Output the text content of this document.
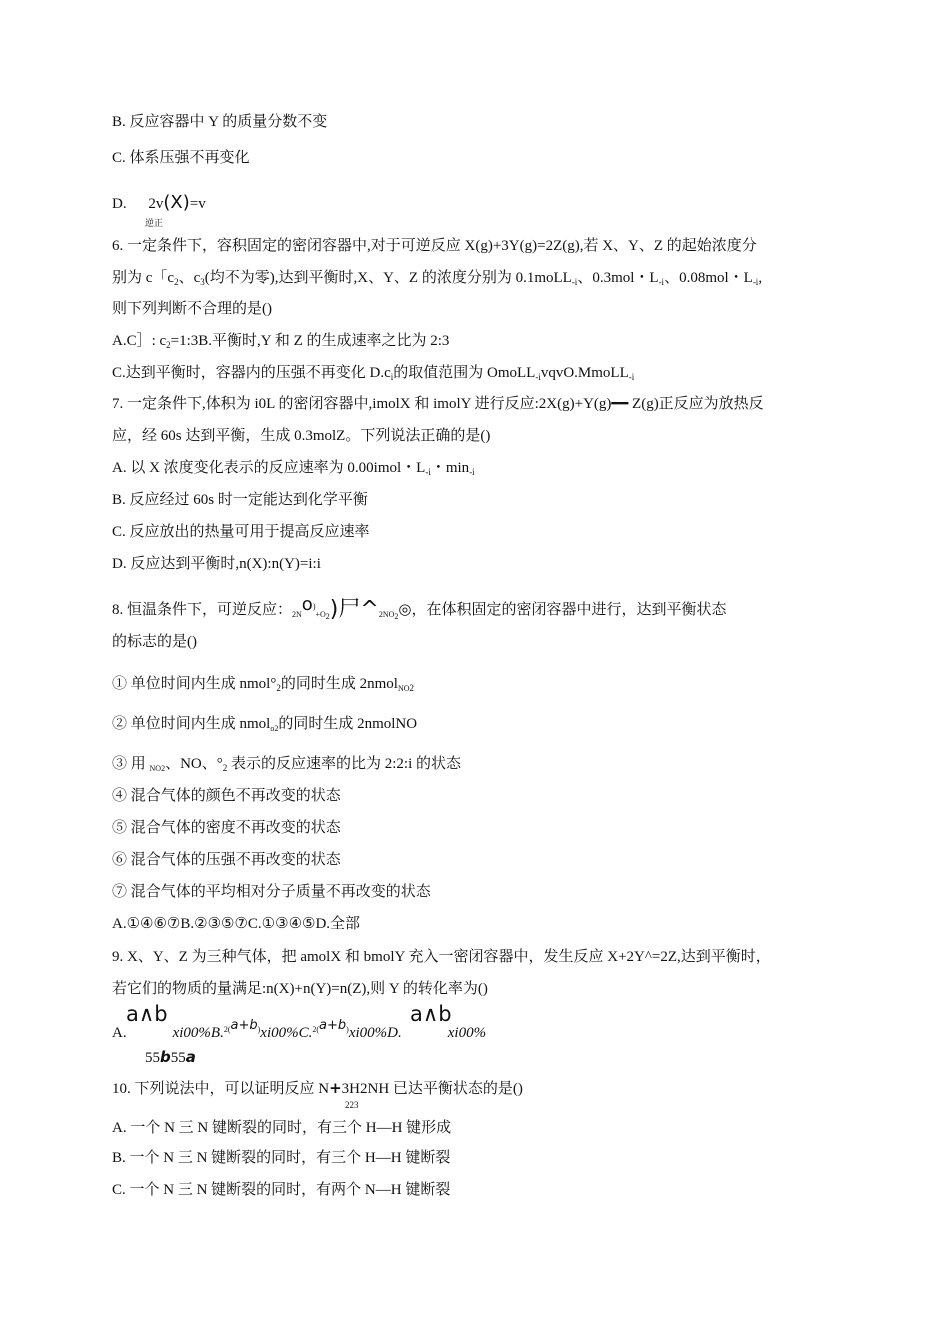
B. 反应容器中 Y 的质量分数不变
C. 体系压强不再变化
D. 2v(X)=v
逆正
6. 一定条件下，容积固定的密闭容器中,对于可逆反应 X(g)+3Y(g)=2Z(g),若 X、Y、Z 的起始浓度分
别为 c「$c_2$、$c_3$(均不为零),达到平衡时,X、Y、Z 的浓度分别为 0.1moLL$_{-i}$、0.3mol・$L_{-i}$、0.08mol・$L_{-i}$,
则下列判断不合理的是()
A.C］: $c_2=1:3B$.平衡时,Y 和 Z 的生成速率之比为 2:3
C.达到平衡时，容器内的压强不再变化 $D.c_i$的取值范围为 OmoLL$_{-i}$vqvO.MmoLL$_{-i}$
7. 一定条件下,体积为 i0L 的密闭容器中,imolX 和 imolY 进行反应:2X(g)+Y(g)━━ Z(g)正反应为放热反
应，经 60s 达到平衡，生成 0.3molZ。下列说法正确的是()
A. 以 X 浓度变化表示的反应速率为 0.00imol・$L_{-i}$・$\min_{-i}$
B. 反应经过 60s 时一定能达到化学平衡
C. 反应放出的热量可用于提高反应速率
D. 反应达到平衡时,n(X):n(Y)=i:i
8. 恒温条件下，可逆反应：$_{2N}o^)_{+O2}$)尸$\^{}_{2NO2}◎$，在体积固定的密闭容器中进行，达到平衡状态
的标志的是()
① 单位时间内生成 $nmol^\circ_2$的同时生成 2nmol$_{NO2}$
② 单位时间内生成 nmol$_{o2}$的同时生成 2nmolNO
③ 用 $_{NO2}$、NO、$^\circ_2$ 表示的反应速率的比为 2:2:i 的状态
④ 混合气体的颜色不再改变的状态
⑤ 混合气体的密度不再改变的状态
⑥ 混合气体的压强不再改变的状态
⑦ 混合气体的平均相对分子质量不再改变的状态
A.①④⑥⑦B.②③⑤⑦C.①③④⑤D.全部
9. X、Y、Z 为三种气体，把 amolX 和 bmolY 充入一密闭容器中，发生反应 X+2Y^=2Z,达到平衡时，
若它们的物质的量满足:n(X)+n(Y)=n(Z),则 Y 的转化率为()
a∧b
A.	xi00%B.$^{2(}$a+b)xi00%C.$^{2(}$a+b)xi00%D.	xi00%
a∧b
55b55a
10. 下列说法中，可以证明反应 N+3H2NH 已达平衡状态的是()
223
A. 一个 N 三 N 键断裂的同时，有三个 H—H 键形成
B. 一个 N 三 N 键断裂的同时，有三个 H—H 键断裂
C. 一个 N 三 N 键断裂的同时，有两个 N—H 键断裂
